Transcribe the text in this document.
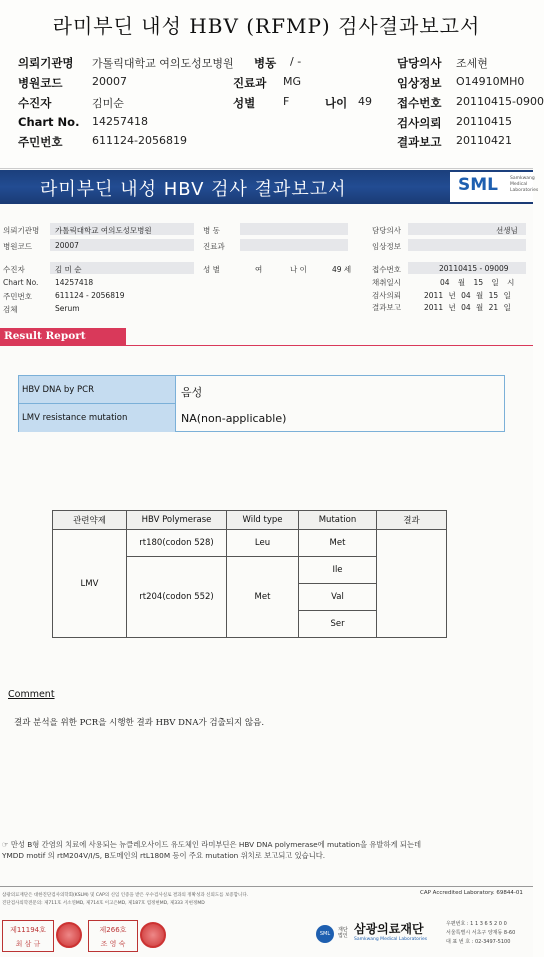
라미부딘 내성 HBV (RFMP) 검사결과보고서
의뢰기관명 가톨릭대학교 여의도성모병원 병동 / -	담당의사 조세현
병원코드	20007	진료과 MG	임상정보 O14910MH0
수진자	김미순	성별	F	나이 49 접수번호 20110415-0900
Chart No. 14257418	검사의뢰 20110415
주민번호	611124-2056819	결과보고 20110421
라미부딘 내성 HBV 검사 결과보고서	SML	Samkwang Medical Laboratories
의뢰기관명 가톨릭대학교 여의도성모병원
병원코드	20007
수진자	김 미 순
Chart No. 14257418
주민번호	611124 - 2056819
검체	Serum
병 동
진료과
성 별	여	나 이	49 세
담당의사	선생님
임상정보
접수번호	20110415 - 09009
채취일시	04 월 15 일 시
검사의뢰	2011 년 04 월 15 일
결과보고	2011 년 04 월 21 일
Result Report
HBV DNA by PCR	음성
LMV resistance mutation	NA(non-applicable)
관련약제	HBV Polymerase	Wild type	Mutation	결과
LMV	rt180(codon 528)	Leu	Met	
	rt204(codon 552)	Met	Ile	
			Val	
			Ser	
Comment
결과 분석을 위한 PCR을 시행한 결과 HBV DNA가 검출되지 않음.
☞ 만성 B형 간염의 치료에 사용되는 뉴클레오사이드 유도체인 라미부딘은 HBV DNA polymerase에 mutation을 유발하게 되는데
YMDD motif 의 rtM204V/I/S, B도메인의 rtL180M 등이 주요 mutation 위치로 보고되고 있습니다.
삼광의료재단은 대한진단검사의학회(KSLM) 및 CAP의 신임 인증을 받은 우수검사실로 결과의 정확성과 신뢰도를 보증합니다.
진단검사의학전문의: 제711호 서소연MD, 제714호 이고은MD, 제187호 염정현MD, 제333 지현정MD
CAP Accredited Laboratory. 69844-01
제11194호
최 삼 규
제266호
조 영 숙
SML
재단법인 삼광의료재단
Samkwang Medical Laboratories
우편번호 : 1 1 3 6 5 2 0 0
서울특별시 서초구 양재동 8-60
대 표 번 호 : 02-3497-5100
